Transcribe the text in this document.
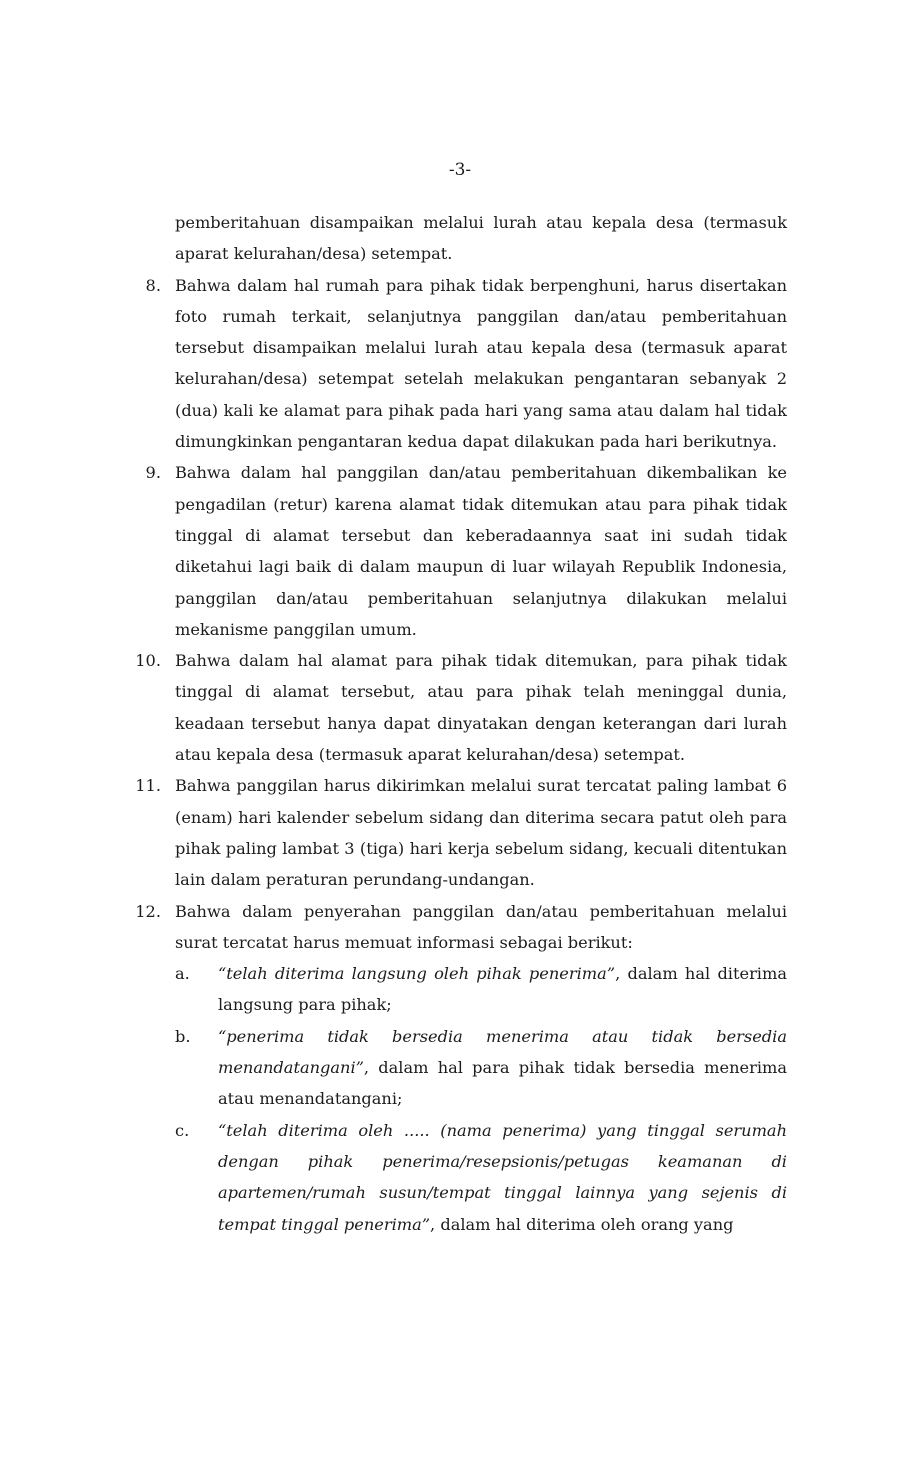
-3-

pemberitahuan disampaikan melalui lurah atau kepala desa (termasuk aparat kelurahan/desa) setempat.

8. Bahwa dalam hal rumah para pihak tidak berpenghuni, harus disertakan foto rumah terkait, selanjutnya panggilan dan/atau pemberitahuan tersebut disampaikan melalui lurah atau kepala desa (termasuk aparat kelurahan/desa) setempat setelah melakukan pengantaran sebanyak 2 (dua) kali ke alamat para pihak pada hari yang sama atau dalam hal tidak dimungkinkan pengantaran kedua dapat dilakukan pada hari berikutnya.
9. Bahwa dalam hal panggilan dan/atau pemberitahuan dikembalikan ke pengadilan (retur) karena alamat tidak ditemukan atau para pihak tidak tinggal di alamat tersebut dan keberadaannya saat ini sudah tidak diketahui lagi baik di dalam maupun di luar wilayah Republik Indonesia, panggilan dan/atau pemberitahuan selanjutnya dilakukan melalui mekanisme panggilan umum.
10. Bahwa dalam hal alamat para pihak tidak ditemukan, para pihak tidak tinggal di alamat tersebut, atau para pihak telah meninggal dunia, keadaan tersebut hanya dapat dinyatakan dengan keterangan dari lurah atau kepala desa (termasuk aparat kelurahan/desa) setempat.
11. Bahwa panggilan harus dikirimkan melalui surat tercatat paling lambat 6 (enam) hari kalender sebelum sidang dan diterima secara patut oleh para pihak paling lambat 3 (tiga) hari kerja sebelum sidang, kecuali ditentukan lain dalam peraturan perundang-undangan.
12. Bahwa dalam penyerahan panggilan dan/atau pemberitahuan melalui surat tercatat harus memuat informasi sebagai berikut:
a. “telah diterima langsung oleh pihak penerima”, dalam hal diterima langsung para pihak;
b. “penerima tidak bersedia menerima atau tidak bersedia menandatangani”, dalam hal para pihak tidak bersedia menerima atau menandatangani;
c. “telah diterima oleh ..... (nama penerima) yang tinggal serumah dengan pihak penerima/resepsionis/petugas keamanan di apartemen/rumah susun/tempat tinggal lainnya yang sejenis di tempat tinggal penerima”, dalam hal diterima oleh orang yang
